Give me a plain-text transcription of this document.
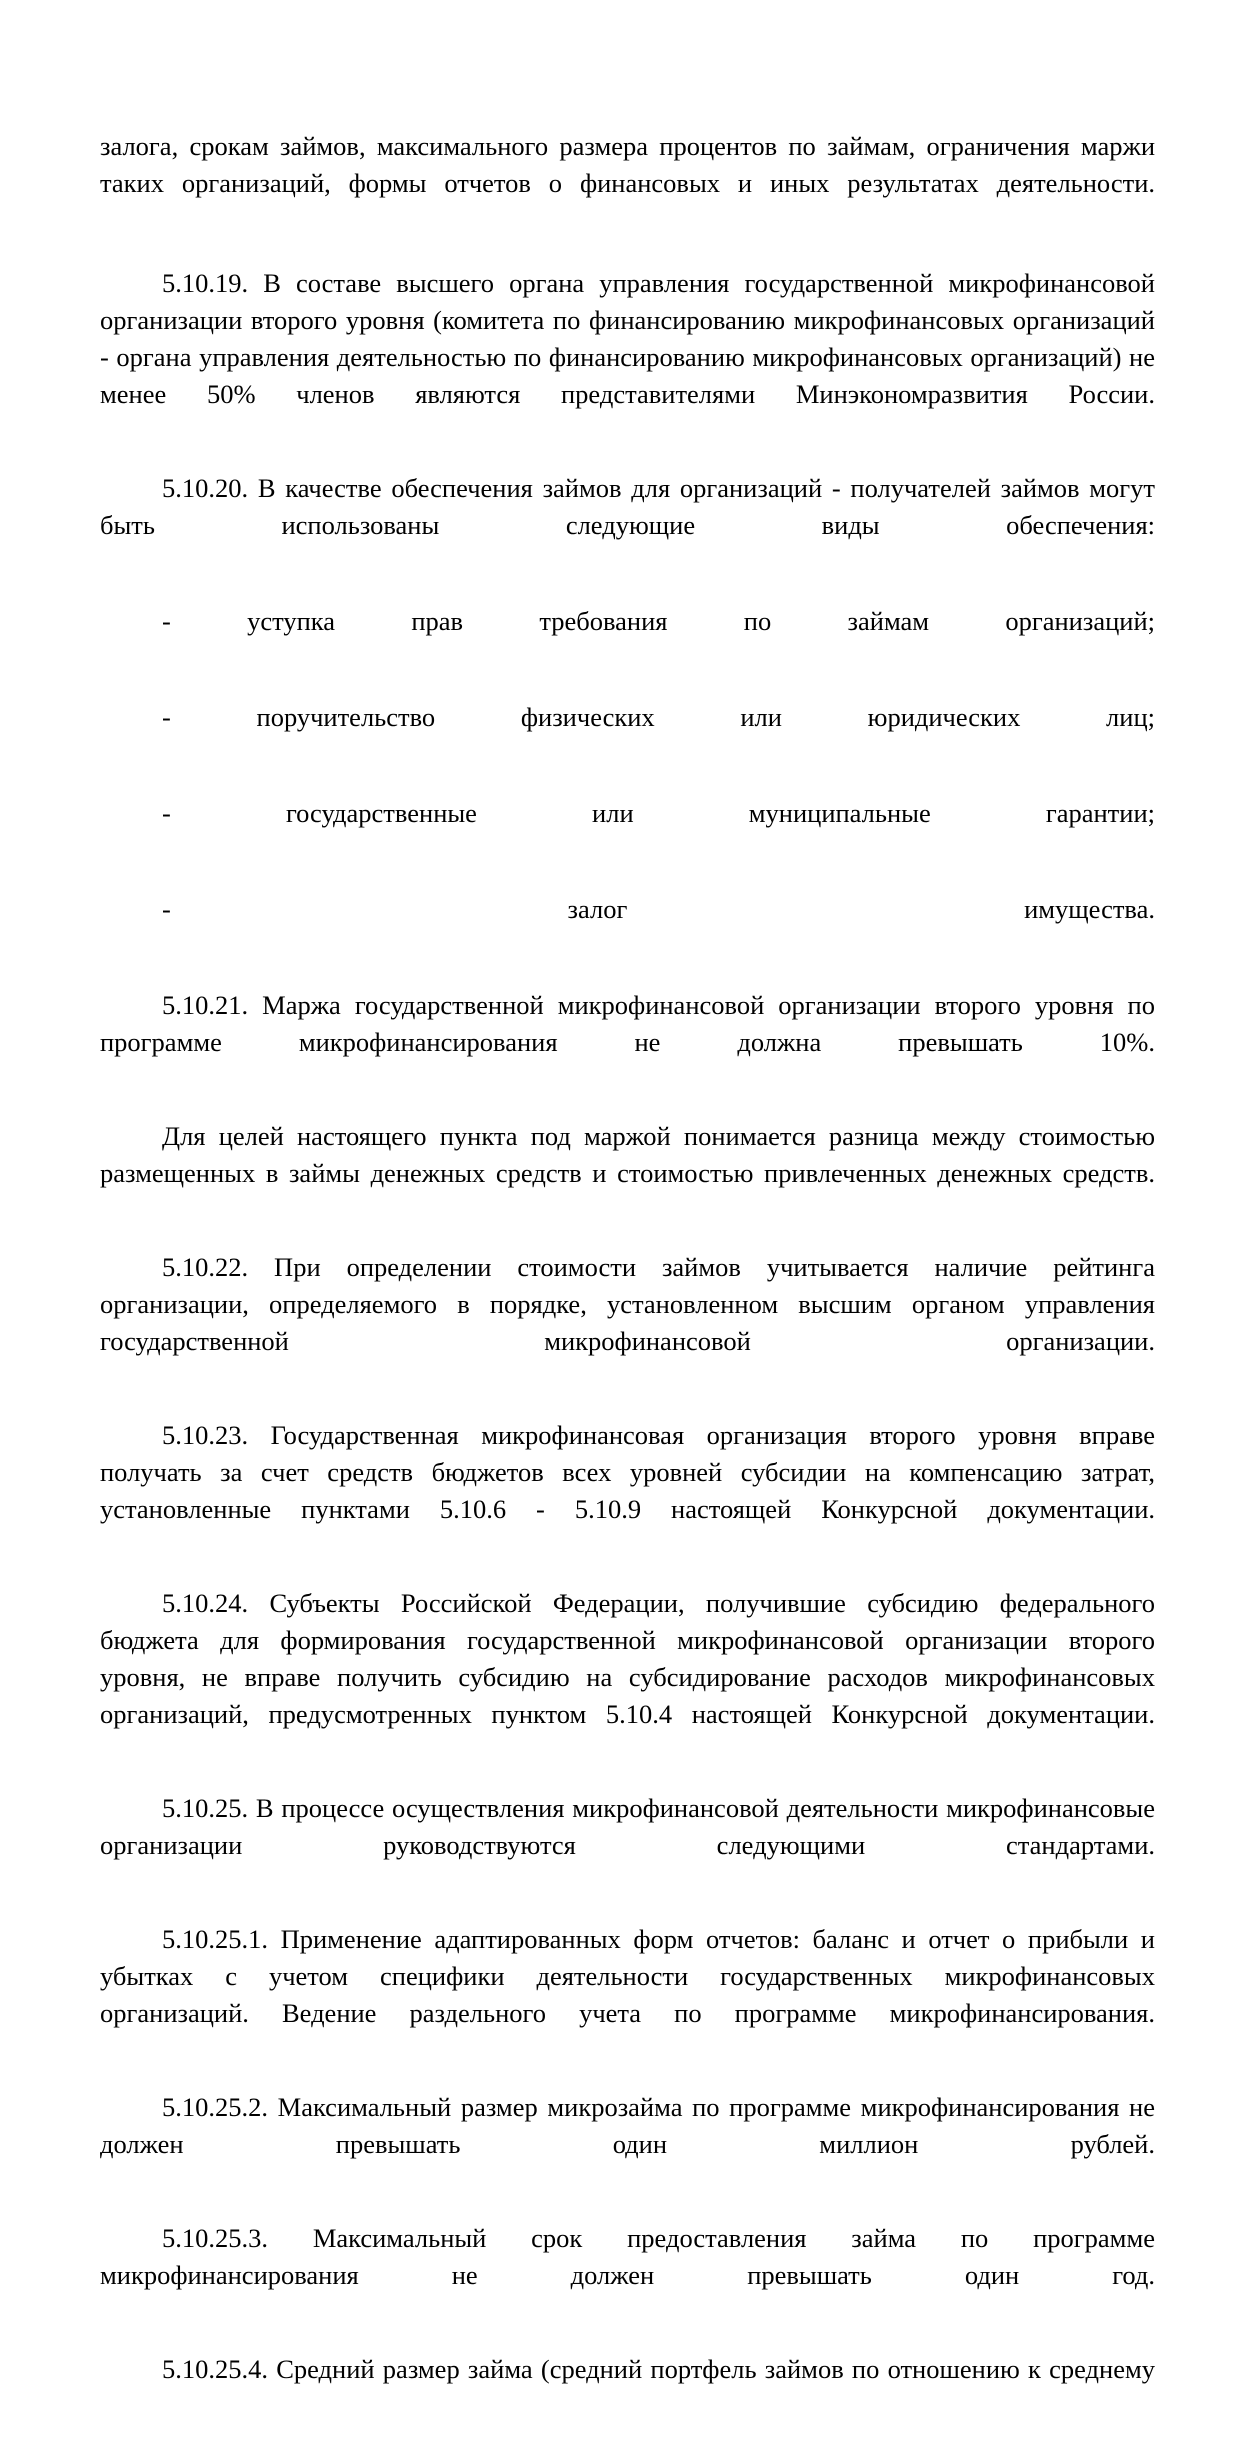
залога, срокам займов, максимального размера процентов по займам, ограничения маржи таких организаций, формы отчетов о финансовых и иных результатах деятельности.

5.10.19. В составе высшего органа управления государственной микрофинансовой организации второго уровня (комитета по финансированию микрофинансовых организаций - органа управления деятельностью по финансированию микрофинансовых организаций) не менее 50% членов являются представителями Минэкономразвития России.

5.10.20. В качестве обеспечения займов для организаций - получателей займов могут быть использованы следующие виды обеспечения:

- уступка прав требования по займам организаций;

- поручительство физических или юридических лиц;

- государственные или муниципальные гарантии;

- залог имущества.

5.10.21. Маржа государственной микрофинансовой организации второго уровня по программе микрофинансирования не должна превышать 10%.

Для целей настоящего пункта под маржой понимается разница между стоимостью размещенных в займы денежных средств и стоимостью привлеченных денежных средств.

5.10.22. При определении стоимости займов учитывается наличие рейтинга организации, определяемого в порядке, установленном высшим органом управления государственной микрофинансовой организации.

5.10.23. Государственная микрофинансовая организация второго уровня вправе получать за счет средств бюджетов всех уровней субсидии на компенсацию затрат, установленные пунктами 5.10.6 - 5.10.9 настоящей Конкурсной документации.

5.10.24. Субъекты Российской Федерации, получившие субсидию федерального бюджета для формирования государственной микрофинансовой организации второго уровня, не вправе получить субсидию на субсидирование расходов микрофинансовых организаций, предусмотренных пунктом 5.10.4 настоящей Конкурсной документации.

5.10.25. В процессе осуществления микрофинансовой деятельности микрофинансовые организации руководствуются следующими стандартами.

5.10.25.1. Применение адаптированных форм отчетов: баланс и отчет о прибыли и убытках с учетом специфики деятельности государственных микрофинансовых организаций. Ведение раздельного учета по программе микрофинансирования.

5.10.25.2. Максимальный размер микрозайма по программе микрофинансирования не должен превышать один миллион рублей.

5.10.25.3. Максимальный срок предоставления займа по программе микрофинансирования не должен превышать один год.

5.10.25.4. Средний размер займа (средний портфель займов по отношению к среднему
